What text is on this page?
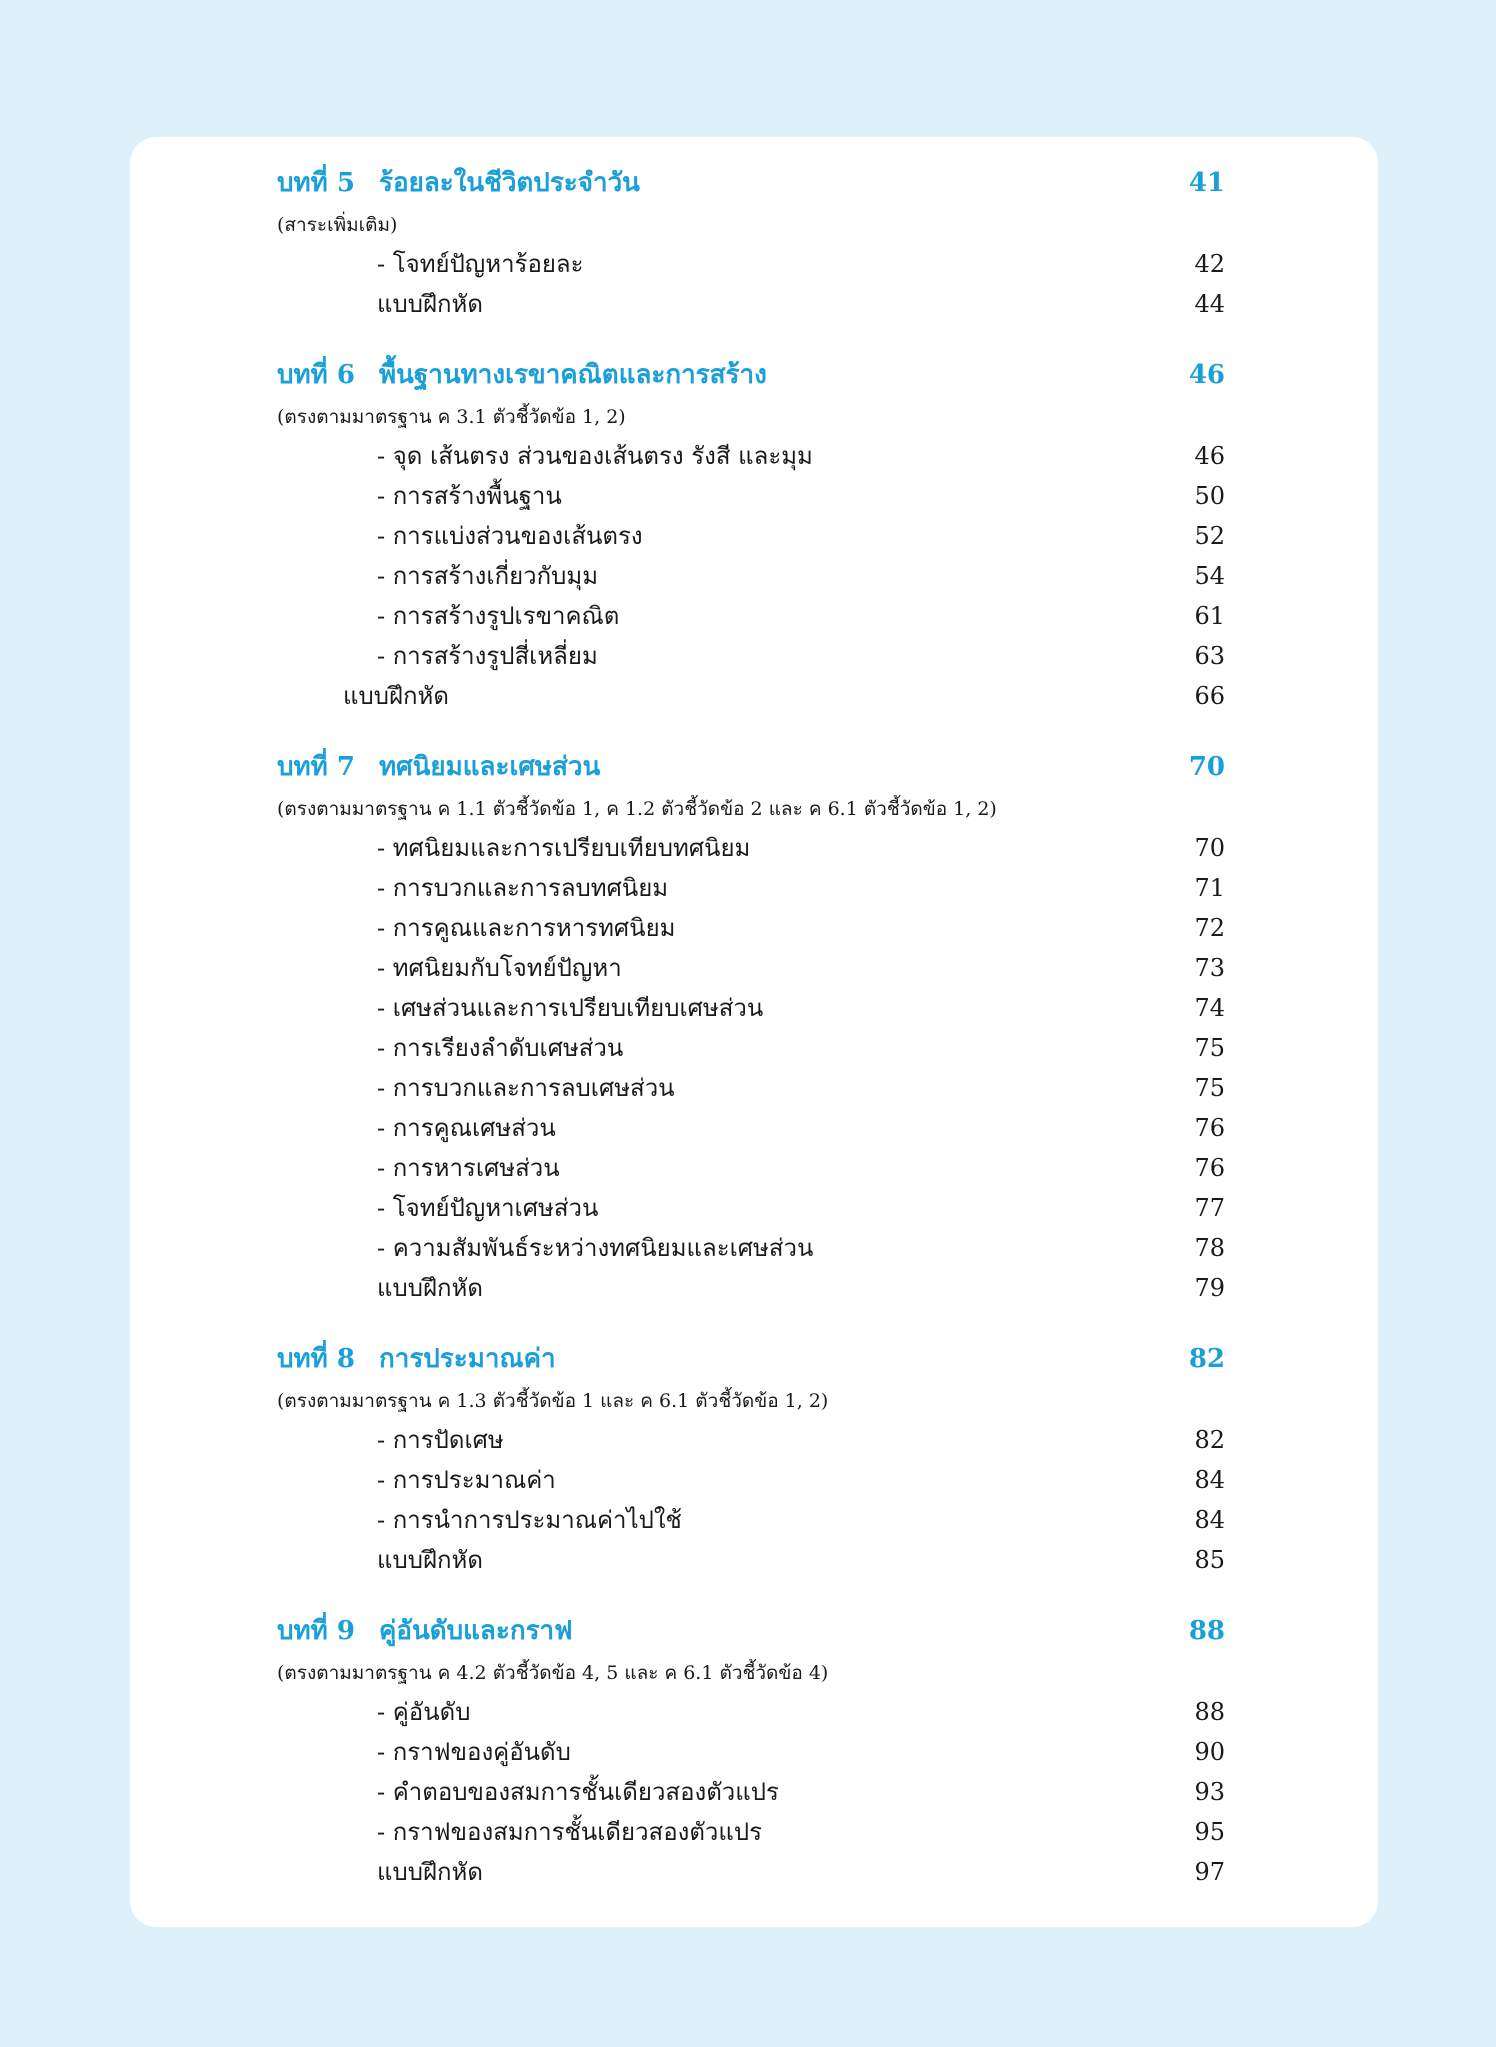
บทที่ 5 ร้อยละในชีวิตประจำวัน	41
(สาระเพิ่มเติม)
- โจทย์ปัญหาร้อยละ	42
แบบฝึกหัด	44
บทที่ 6 พื้นฐานทางเรขาคณิตและการสร้าง	46
(ตรงตามมาตรฐาน ค 3.1 ตัวชี้วัดข้อ 1, 2)
- จุด เส้นตรง ส่วนของเส้นตรง รังสี และมุม	46
- การสร้างพื้นฐาน	50
- การแบ่งส่วนของเส้นตรง	52
- การสร้างเกี่ยวกับมุม	54
- การสร้างรูปเรขาคณิต	61
- การสร้างรูปสี่เหลี่ยม	63
แบบฝึกหัด	66
บทที่ 7 ทศนิยมและเศษส่วน	70
(ตรงตามมาตรฐาน ค 1.1 ตัวชี้วัดข้อ 1, ค 1.2 ตัวชี้วัดข้อ 2 และ ค 6.1 ตัวชี้วัดข้อ 1, 2)
- ทศนิยมและการเปรียบเทียบทศนิยม	70
- การบวกและการลบทศนิยม	71
- การคูณและการหารทศนิยม	72
- ทศนิยมกับโจทย์ปัญหา	73
- เศษส่วนและการเปรียบเทียบเศษส่วน	74
- การเรียงลำดับเศษส่วน	75
- การบวกและการลบเศษส่วน	75
- การคูณเศษส่วน	76
- การหารเศษส่วน	76
- โจทย์ปัญหาเศษส่วน	77
- ความสัมพันธ์ระหว่างทศนิยมและเศษส่วน	78
แบบฝึกหัด	79
บทที่ 8 การประมาณค่า	82
(ตรงตามมาตรฐาน ค 1.3 ตัวชี้วัดข้อ 1 และ ค 6.1 ตัวชี้วัดข้อ 1, 2)
- การปัดเศษ	82
- การประมาณค่า	84
- การนำการประมาณค่าไปใช้	84
แบบฝึกหัด	85
บทที่ 9 คู่อันดับและกราฟ	88
(ตรงตามมาตรฐาน ค 4.2 ตัวชี้วัดข้อ 4, 5 และ ค 6.1 ตัวชี้วัดข้อ 4)
- คู่อันดับ	88
- กราฟของคู่อันดับ	90
- คำตอบของสมการชั้นเดียวสองตัวแปร	93
- กราฟของสมการชั้นเดียวสองตัวแปร	95
แบบฝึกหัด	97
